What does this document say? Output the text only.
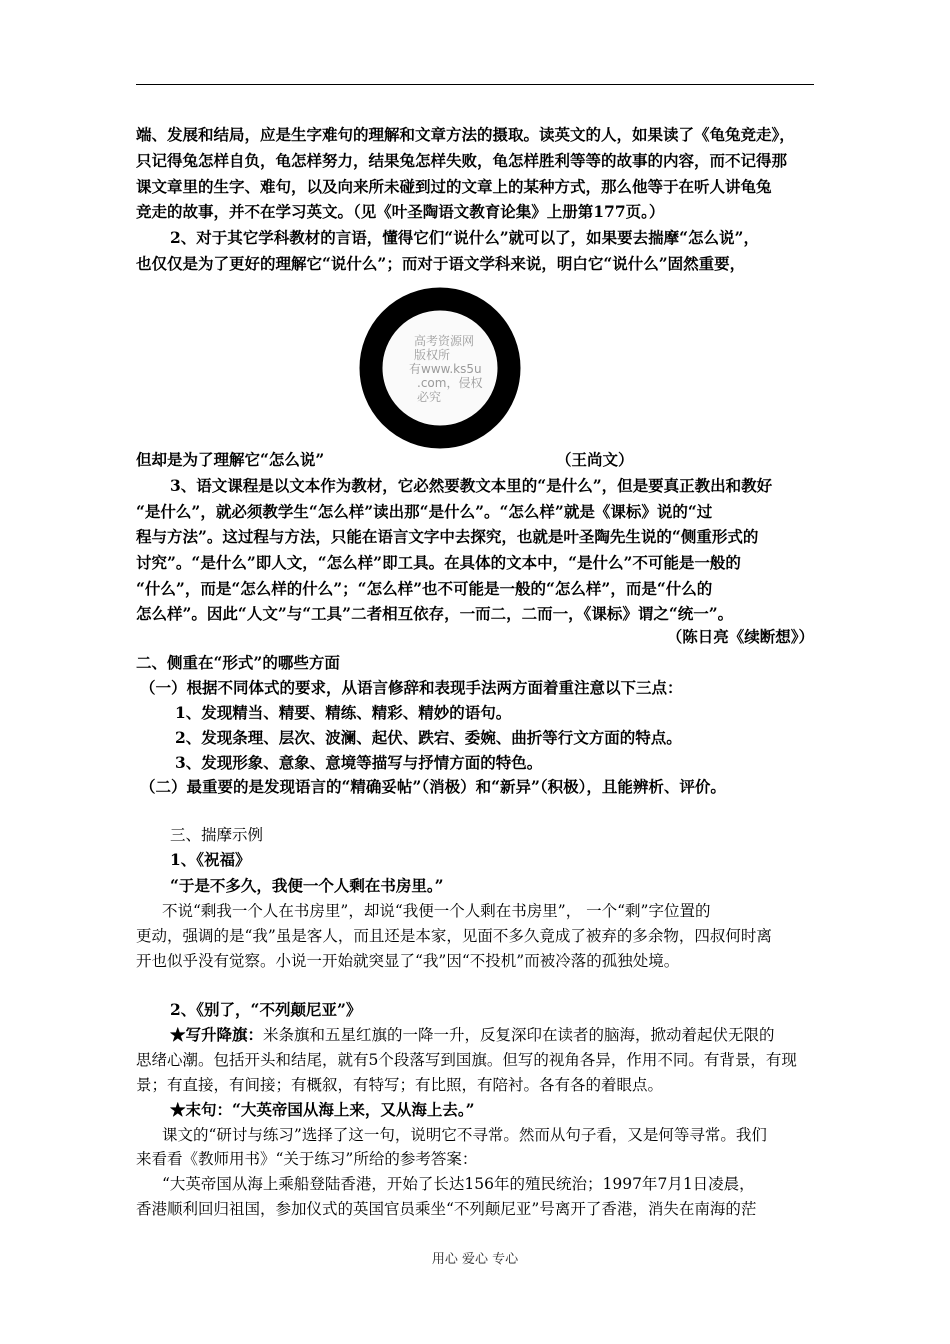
端、发展和结局，应是生字难句的理解和文章方法的摄取。读英文的人，如果读了《龟兔竞走》，
只记得兔怎样自负，龟怎样努力，结果兔怎样失败，龟怎样胜利等等的故事的内容，而不记得那
课文章里的生字、难句，以及向来所未碰到过的文章上的某种方式，那么他等于在听人讲龟兔
竞走的故事，并不在学习英文。（见《叶圣陶语文教育论集》上册第177页。）
2、对于其它学科教材的言语，懂得它们“说什么”就可以了，如果要去揣摩“怎么说”，
也仅仅是为了更好的理解它“说什么”；而对于语文学科来说，明白它“说什么”固然重要，
高考资源网
版权所
有www.ks5u
.com，侵权
必究
但却是为了理解它“怎么说”	（王尚文）
3、语文课程是以文本作为教材，它必然要教文本里的“是什么”，但是要真正教出和教好
“是什么”，就必须教学生“怎么样”读出那“是什么”。“怎么样”就是《课标》说的“过
程与方法”。这过程与方法，只能在语言文字中去探究，也就是叶圣陶先生说的“侧重形式的
讨究”。“是什么”即人文，“怎么样”即工具。在具体的文本中，“是什么”不可能是一般的
“什么”，而是“怎么样的什么”；“怎么样”也不可能是一般的“怎么样”，而是“什么的
怎么样”。因此“人文”与“工具”二者相互依存，一而二，二而一，《课标》谓之“统一”。
（陈日亮《续断想》）
二、侧重在“形式”的哪些方面
（一）根据不同体式的要求，从语言修辞和表现手法两方面着重注意以下三点：
1、发现精当、精要、精练、精彩、精妙的语句。
2、发现条理、层次、波澜、起伏、跌宕、委婉、曲折等行文方面的特点。
3、发现形象、意象、意境等描写与抒情方面的特色。
（二）最重要的是发现语言的“精确妥帖”（消极）和“新异”（积极），且能辨析、评价。
三、揣摩示例
1、《祝福》
“于是不多久，我便一个人剩在书房里。”
不说“剩我一个人在书房里”，却说“我便一个人剩在书房里”， 一个“剩”字位置的
更动，强调的是“我”虽是客人，而且还是本家，见面不多久竟成了被弃的多余物，四叔何时离
开也似乎没有觉察。小说一开始就突显了“我”因“不投机”而被冷落的孤独处境。
2、《别了，“不列颠尼亚”》
★写升降旗：米条旗和五星红旗的一降一升，反复深印在读者的脑海，掀动着起伏无限的
思绪心潮。包括开头和结尾，就有5个段落写到国旗。但写的视角各异，作用不同。有背景，有现
景；有直接，有间接；有概叙，有特写；有比照，有陪衬。各有各的着眼点。
★末句：“大英帝国从海上来，又从海上去。”
课文的“研讨与练习”选择了这一句，说明它不寻常。然而从句子看，又是何等寻常。我们
来看看《教师用书》“关于练习”所给的参考答案：
“大英帝国从海上乘船登陆香港，开始了长达156年的殖民统治；1997年7月1日凌晨，
香港顺利回归祖国，参加仪式的英国官员乘坐“不列颠尼亚”号离开了香港，消失在南海的茫
用心 爱心 专心
